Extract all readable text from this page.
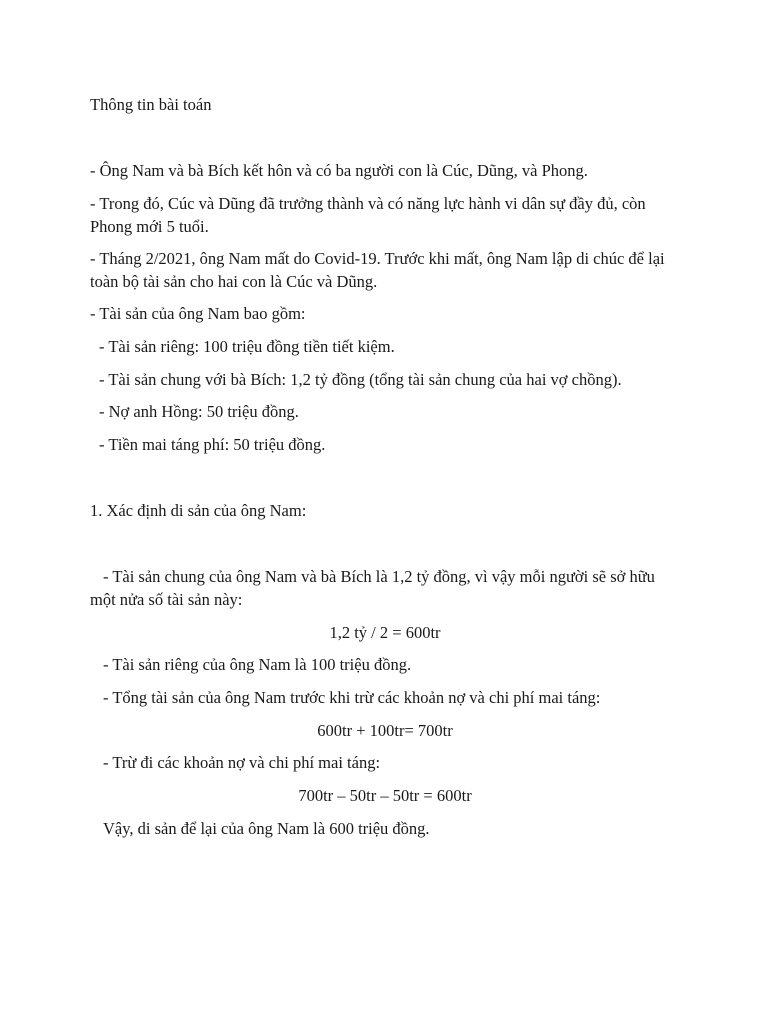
Thông tin bài toán
- Ông Nam và bà Bích kết hôn và có ba người con là Cúc, Dũng, và Phong.
- Trong đó, Cúc và Dũng đã trưởng thành và có năng lực hành vi dân sự đầy đủ, còn Phong mới 5 tuổi.
- Tháng 2/2021, ông Nam mất do Covid-19. Trước khi mất, ông Nam lập di chúc để lại toàn bộ tài sản cho hai con là Cúc và Dũng.
- Tài sản của ông Nam bao gồm:
- Tài sản riêng: 100 triệu đồng tiền tiết kiệm.
- Tài sản chung với bà Bích: 1,2 tỷ đồng (tổng tài sản chung của hai vợ chồng).
- Nợ anh Hồng: 50 triệu đồng.
- Tiền mai táng phí: 50 triệu đồng.
1. Xác định di sản của ông Nam:
- Tài sản chung của ông Nam và bà Bích là 1,2 tỷ đồng, vì vậy mỗi người sẽ sở hữu một nửa số tài sản này:
1,2 tỷ / 2 = 600tr
- Tài sản riêng của ông Nam là 100 triệu đồng.
- Tổng tài sản của ông Nam trước khi trừ các khoản nợ và chi phí mai táng:
600tr + 100tr= 700tr
- Trừ đi các khoản nợ và chi phí mai táng:
700tr – 50tr – 50tr = 600tr
Vậy, di sản để lại của ông Nam là 600 triệu đồng.
